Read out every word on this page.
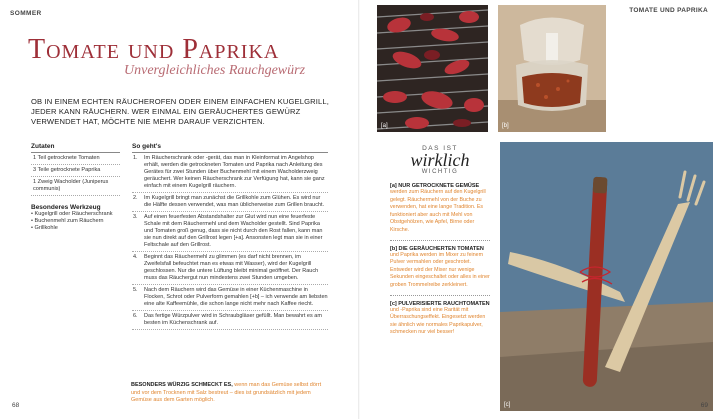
SOMMER
Tomate und Paprika
Unvergleichliches Rauchgewürz
OB IN EINEM ECHTEN RÄUCHEROFEN ODER EINEM EINFACHEN KUGELGRILL, JEDER KANN RÄUCHERN. WER EINMAL EIN GERÄUCHERTES GEWÜRZ VERWENDET HAT, MÖCHTE NIE MEHR DARAUF VERZICHTEN.
Zutaten
1 Teil getrocknete Tomaten
3 Teile getrocknete Paprika
1 Zweig Wacholder (Juniperus communis)
Besonderes Werkzeug
• Kugelgrill oder Räucherschrank
• Buchenmehl zum Räuchern
• Grillkohle
So geht's
1.	Im Räucherschrank oder -gerät, das man in Kleinformat im Angelshop erhält, werden die getrockneten Tomaten und Paprika nach Anleitung des Gerätes für zwei Stunden über Buchenmehl mit einem Wacholderzweig geräuchert. Wer keinen Räucherschrank zur Verfügung hat, kann sie ganz einfach mit einem Kugelgrill räuchern.
2.	Im Kugelgrill bringt man zunächst die Grillkohle zum Glühen. Es wird nur die Hälfte dessen verwendet, was man üblicherweise zum Grillen braucht.
3.	Auf einen feuerfesten Abstandshalter zur Glut wird nun eine feuerfeste Schale mit dem Räuchermehl und dem Wacholder gestellt. Sind Paprika und Tomaten groß genug, dass sie nicht durch den Rost fallen, kann man sie nun direkt auf den Grillrost legen [+a]. Ansonsten legt man sie in einer Feltschale auf den Grillrost.
4.	Beginnt das Räuchermehl zu glimmen (es darf nicht brennen, im Zweifelsfall befeuchtet man es etwas mit Wasser), wird der Kugelgrill geschlossen. Nur die untere Lüftung bleibt minimal geöffnet. Der Rauch muss das Räuchergut nun mindestens zwei Stunden umgeben.
5.	Nach dem Räuchern wird das Gemüse in einer Küchenmaschine in Flocken, Schrot oder Pulverform gemahlen [+b] – ich verwende am liebsten eine alte Kaffeemühle, die schon lange nicht mehr nach Kaffee riecht.
6.	Das fertige Würzpulver wird in Schraubgläser gefüllt. Man bewahrt es am besten im Küchenschrank auf.
BESONDERS WÜRZIG SCHMECKT ES, wenn man das Gemüse selbst dörrt und vor dem Trocknen mit Salz bestreut – dies ist grundsätzlich mit jedem Gemüse aus dem Garten möglich.
68
TOMATE UND PAPRIKA
[a]	[b]
[c]
DAS IST
wirklich
WICHTIG
[a] NUR GETROCKNETE GEMÜSE
werden zum Räuchern auf den Kugelgrill gelegt. Räuchermehl von der Buche zu verwenden, hat eine lange Tradition. Es funktioniert aber auch mit Mehl von Obstgehölzen, wie Apfel, Birne oder Kirsche.
[b] DIE GERÄUCHERTEN TOMATEN
und Paprika werden im Mixer zu feinem Pulver vermahlen oder geschrotet. Entweder wird der Mixer nur wenige Sekunden eingeschaltet oder alles in einer groben Trommelreibe zerkleinert.
[c] PULVERISIERTE RAUCHTOMATEN
und -Paprika sind eine Rarität mit Überraschungseffekt. Eingesetzt werden sie ähnlich wie normales Paprikapulver, schmecken nur viel besser!
69
